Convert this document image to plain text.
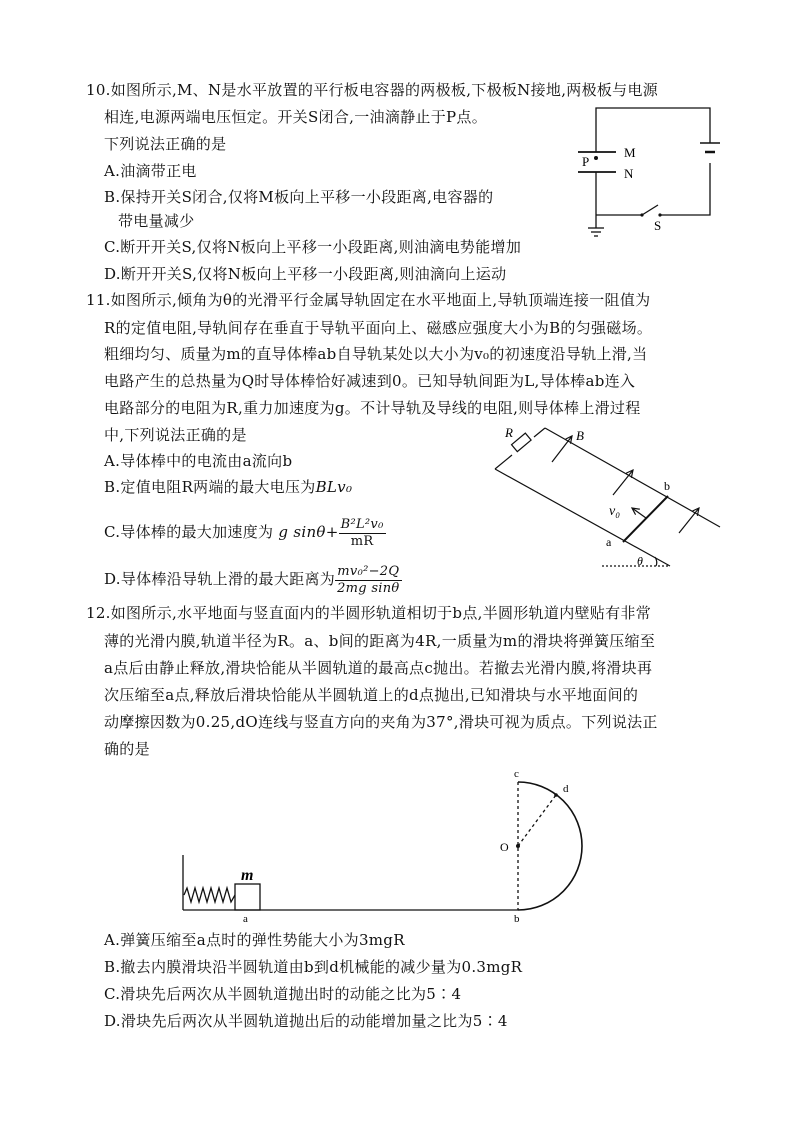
10.如图所示,M、N是水平放置的平行板电容器的两极板,下极板N接地,两极板与电源
相连,电源两端电压恒定。开关S闭合,一油滴静止于P点。
下列说法正确的是
A.油滴带正电
B.保持开关S闭合,仅将M板向上平移一小段距离,电容器的
带电量减少
C.断开开关S,仅将N板向上平移一小段距离,则油滴电势能增加
D.断开开关S,仅将N板向上平移一小段距离,则油滴向上运动
P
M
N
S
11.如图所示,倾角为θ的光滑平行金属导轨固定在水平地面上,导轨顶端连接一阻值为
R的定值电阻,导轨间存在垂直于导轨平面向上、磁感应强度大小为B的匀强磁场。
粗细均匀、质量为m的直导体棒ab自导轨某处以大小为v₀的初速度沿导轨上滑,当
电路产生的总热量为Q时导体棒恰好减速到0。已知导轨间距为L,导体棒ab连入
电路部分的电阻为R,重力加速度为g。不计导轨及导线的电阻,则导体棒上滑过程
中,下列说法正确的是
A.导体棒中的电流由a流向b
B.定值电阻R两端的最大电压为BLv₀
C.导体棒的最大加速度为 g $\sin\theta+ \frac{\text{B²L²v₀}}{mR}$
D.导体棒沿导轨上滑的最大距离为 $\frac{\text{mv₀²−2Q}}{\text{2mg sinθ}}$
R	B
b
a
v₀
θ
12.如图所示,水平地面与竖直面内的半圆形轨道相切于b点,半圆形轨道内壁贴有非常
薄的光滑内膜,轨道半径为R。a、b间的距离为4R,一质量为m的滑块将弹簧压缩至
a点后由静止释放,滑块恰能从半圆轨道的最高点c抛出。若撤去光滑内膜,将滑块再
次压缩至a点,释放后滑块恰能从半圆轨道上的d点抛出,已知滑块与水平地面间的
动摩擦因数为0.25,dO连线与竖直方向的夹角为37°,滑块可视为质点。下列说法正
确的是
m
a	b
c
d
O
A.弹簧压缩至a点时的弹性势能大小为3mgR
B.撤去内膜滑块沿半圆轨道由b到d机械能的减少量为0.3mgR
C.滑块先后两次从半圆轨道抛出时的动能之比为5∶4
D.滑块先后两次从半圆轨道抛出后的动能增加量之比为5∶4
